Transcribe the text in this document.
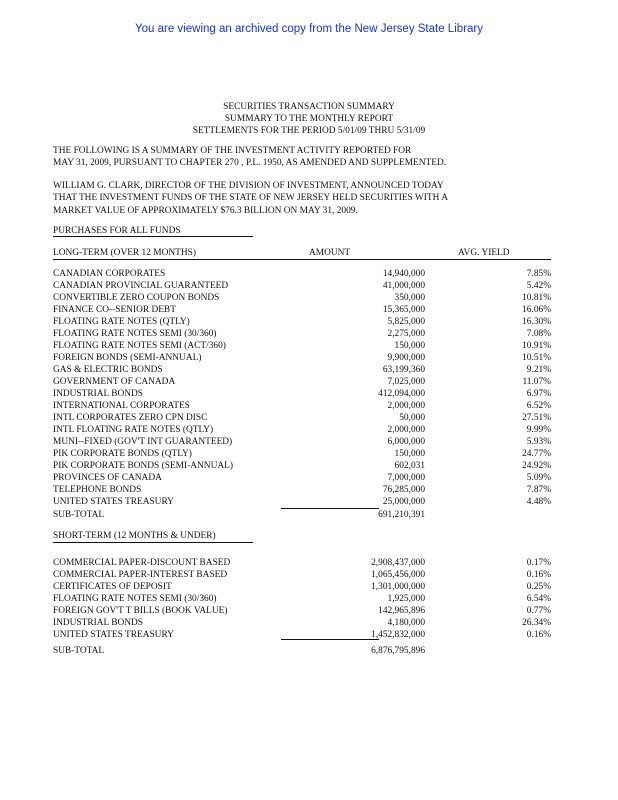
You are viewing an archived copy from the New Jersey State Library
SECURITIES TRANSACTION SUMMARY
SUMMARY TO THE MONTHLY REPORT
SETTLEMENTS FOR THE PERIOD 5/01/09 THRU 5/31/09
THE FOLLOWING IS A SUMMARY OF THE INVESTMENT ACTIVITY REPORTED FOR
MAY 31, 2009, PURSUANT TO CHAPTER 270 , P.L. 1950, AS AMENDED AND SUPPLEMENTED.
WILLIAM G. CLARK, DIRECTOR OF THE DIVISION OF INVESTMENT, ANNOUNCED TODAY
THAT THE INVESTMENT FUNDS OF THE STATE OF NEW JERSEY HELD SECURITIES WITH A
MARKET VALUE OF APPROXIMATELY $76.3 BILLION ON MAY 31, 2009.
PURCHASES FOR ALL FUNDS
LONG-TERM (OVER 12 MONTHS)	AMOUNT	AVG. YIELD
CANADIAN CORPORATES	14,940,000	7.85%
CANADIAN PROVINCIAL GUARANTEED	41,000,000	5.42%
CONVERTIBLE ZERO COUPON BONDS	350,000	10.81%
FINANCE CO--SENIOR DEBT	15,365,000	16.06%
FLOATING RATE NOTES (QTLY)	5,825,000	16.30%
FLOATING RATE NOTES SEMI (30/360)	2,275,000	7.08%
FLOATING RATE NOTES SEMI (ACT/360)	150,000	10.91%
FOREIGN BONDS (SEMI-ANNUAL)	9,900,000	10.51%
GAS & ELECTRIC BONDS	63,199,360	9.21%
GOVERNMENT OF CANADA	7,025,000	11.07%
INDUSTRIAL BONDS	412,094,000	6.97%
INTERNATIONAL CORPORATES	2,000,000	6.52%
INTL CORPORATES ZERO CPN DISC	50,000	27.51%
INTL FLOATING RATE NOTES (QTLY)	2,000,000	9.99%
MUNI--FIXED (GOV'T INT GUARANTEED)	6,000,000	5.93%
PIK CORPORATE BONDS (QTLY)	150,000	24.77%
PIK CORPORATE BONDS (SEMI-ANNUAL)	602,031	24.92%
PROVINCES OF CANADA	7,000,000	5.09%
TELEPHONE BONDS	76,285,000	7.87%
UNITED STATES TREASURY	25,000,000	4.48%
SUB-TOTAL	691,210,391
SHORT-TERM (12 MONTHS & UNDER)
COMMERCIAL PAPER-DISCOUNT BASED	2,908,437,000	0.17%
COMMERCIAL PAPER-INTEREST BASED	1,065,456,000	0.16%
CERTIFICATES OF DEPOSIT	1,301,000,000	0.25%
FLOATING RATE NOTES SEMI (30/360)	1,925,000	6.54%
FOREIGN GOV'T T BILLS (BOOK VALUE)	142,965,896	0.77%
INDUSTRIAL BONDS	4,180,000	26.34%
UNITED STATES TREASURY	1,452,832,000	0.16%
SUB-TOTAL	6,876,795,896
